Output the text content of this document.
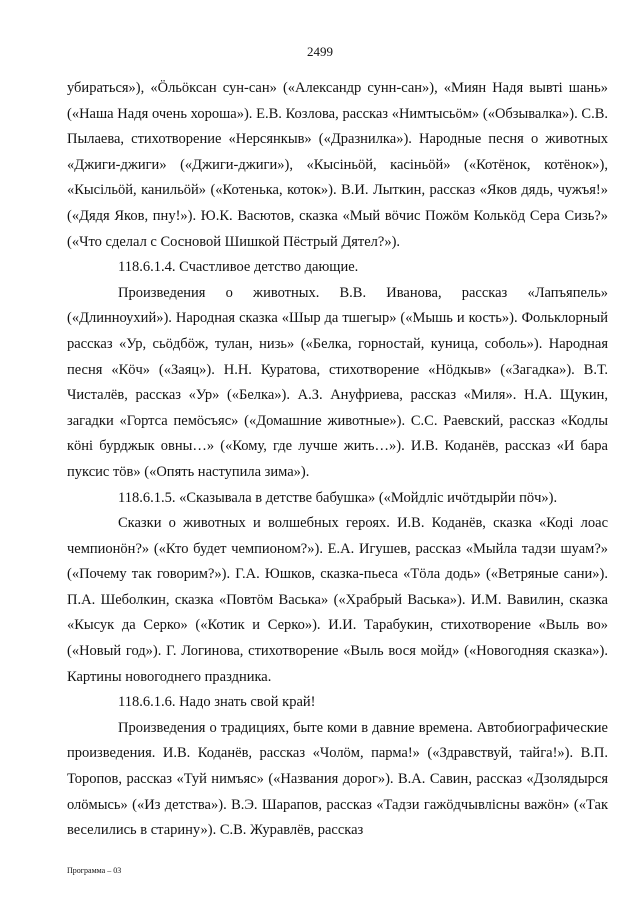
2499

убираться»), «Ӧльӧксан сун-сан» («Александр сунн-сан»), «Миян Надя вывті шань» («Наша Надя очень хороша»). Е.В. Козлова, рассказ «Нимтысьӧм» («Обзывалка»). С.В. Пылаева, стихотворение «Нерсянкыв» («Дразнилка»). Народные песня о животных «Джиги-джиги» («Джиги-джиги»), «Кысіньӧй, касіньӧй» («Котёнок, котёнок»), «Кысільӧй, канильӧй» («Котенька, коток»). В.И. Лыткин, рассказ «Яков дядь, чужъя!» («Дядя Яков, пну!»). Ю.К. Васютов, сказка «Мый вӧчис Пожӧм Колькӧд Сера Сизь?» («Что сделал с Сосновой Шишкой Пёстрый Дятел?»).

118.6.1.4. Счастливое детство дающие.

Произведения о животных. В.В. Иванова, рассказ «Лапъяпель» («Длинноухий»). Народная сказка «Шыр да тшегыр» («Мышь и кость»). Фольклорный рассказ «Ур, сьӧдбӧж, тулан, низь» («Белка, горностай, куница, соболь»). Народная песня «Кӧч» («Заяц»). Н.Н. Куратова, стихотворение «Нӧдкыв» («Загадка»). В.Т. Чисталёв, рассказ «Ур» («Белка»). А.З. Ануфриева, рассказ «Миля». Н.А. Щукин, загадки «Гортса пемӧсъяс» («Домашние животные»). С.С. Раевский, рассказ «Кодлы кӧні бурджык овны…» («Кому, где лучше жить…»). И.В. Коданёв, рассказ «И бара пуксис тӧв» («Опять наступила зима»).

118.6.1.5. «Сказывала в детстве бабушка» («Мойдліс ичӧтдырйи пӧч»).

Сказки о животных и волшебных героях. И.В. Коданёв, сказка «Коді лоас чемпионӧн?» («Кто будет чемпионом?»). Е.А. Игушев, рассказ «Мыйла тадзи шуам?» («Почему так говорим?»). Г.А. Юшков, сказка-пьеса «Тӧла додь» («Ветряные сани»). П.А. Шеболкин, сказка «Повтӧм Васька» («Храбрый Васька»). И.М. Вавилин, сказка «Кысук да Серко» («Котик и Серко»). И.И. Тарабукин, стихотворение «Выль во» («Новый год»). Г. Логинова, стихотворение «Выль вося мойд» («Новогодняя сказка»). Картины новогоднего праздника.

118.6.1.6. Надо знать свой край!

Произведения о традициях, быте коми в давние времена. Автобиографические произведения. И.В. Коданёв, рассказ «Чолӧм, парма!» («Здравствуй, тайга!»). В.П. Торопов, рассказ «Туй нимъяс» («Названия дорог»). В.А. Савин, рассказ «Дзолядырся олӧмысь» («Из детства»). В.Э. Шарапов, рассказ «Тадзи гажӧдчывлісны важӧн» («Так веселились в старину»). С.В. Журавлёв, рассказ

Программа – 03
